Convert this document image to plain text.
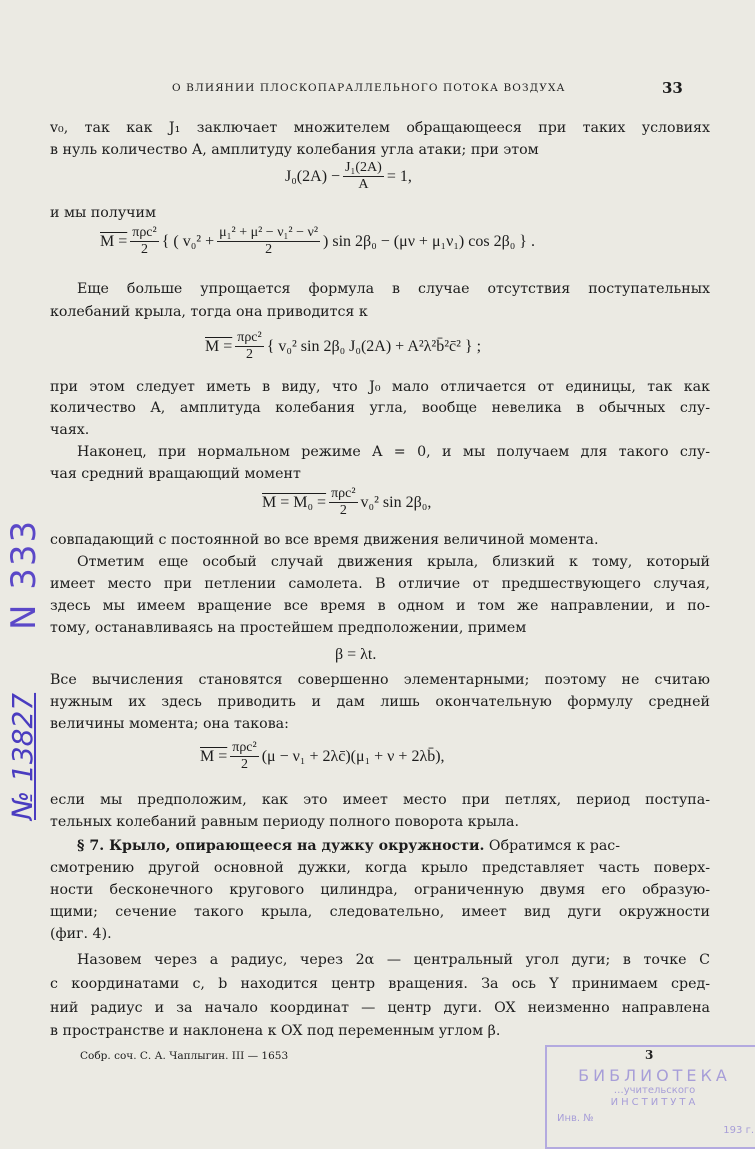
О ВЛИЯНИИ ПЛОСКОПАРАЛЛЕЛЬНОГО ПОТОКА ВОЗДУХА	33
v₀, так как J₁ заключает множителем обращающееся при таких условиях
в нуль количество A, амплитуду колебания угла атаки; при этом
$J_0(2A) - \frac{\text{J₁(2A)}}{A} = 1$,
и мы получим
$M = \frac{\text{πρc²}}{2}$ { ( $v_0^2 + \frac{\text{μ₁² + μ² − ν₁² − ν²}}{2}$ ) sin 2β₀ − (μν + μ₁ν₁) cos 2β₀ } .
Еще больше упрощается формула в случае отсутствия поступательных
колебаний крыла, тогда она приводится к
$M = \frac{\text{πρc²}}{2}$ { v₀² sin 2β₀ J₀(2A) + A²λ²b̄²c̄² } ;
при этом следует иметь в виду, что J₀ мало отличается от единицы, так как
количество A, амплитуда колебания угла, вообще невелика в обычных слу-
чаях.
Наконец, при нормальном режиме A = 0, и мы получаем для такого слу-
чая средний вращающий момент
$M = M_0 = \frac{\text{πρc²}}{2} v_0^2$ sin 2β₀,
совпадающий с постоянной во все время движения величиной момента.
Отметим еще особый случай движения крыла, близкий к тому, который
имеет место при петлении самолета. В отличие от предшествующего случая,
здесь мы имеем вращение все время в одном и том же направлении, и по-
тому, останавливаясь на простейшем предположении, примем
β = λt.
Все вычисления становятся совершенно элементарными; поэтому не считаю
нужным их здесь приводить и дам лишь окончательную формулу средней
величины момента; она такова:
$M = \frac{\text{πρc²}}{2} (\mu - \nu_1$ + 2λc̄)(μ₁ + ν + 2λb̄),
если мы предположим, как это имеет место при петлях, период поступа-
тельных колебаний равным периоду полного поворота крыла.
§ 7. Крыло, опирающееся на дужку окружности. Обратимся к рас-
смотрению другой основной дужки, когда крыло представляет часть поверх-
ности бесконечного кругового цилиндра, ограниченную двумя его образую-
щими; сечение такого крыла, следовательно, имеет вид дуги окружности
(фиг. 4).
Назовем через a радиус, через 2α — центральный угол дуги; в точке C
с координатами c, b находится центр вращения. За ось Y принимаем сред-
ний радиус и за начало координат — центр дуги. OX неизменно направлена
в пространстве и наклонена к OX под переменным углом β.
Собр. соч. С. А. Чаплыгин. III — 1653
N 333
№ 13827
БИБЛИОТЕКА
…учительского
ИНСТИТУТА
Инв. №
193 г.
3
